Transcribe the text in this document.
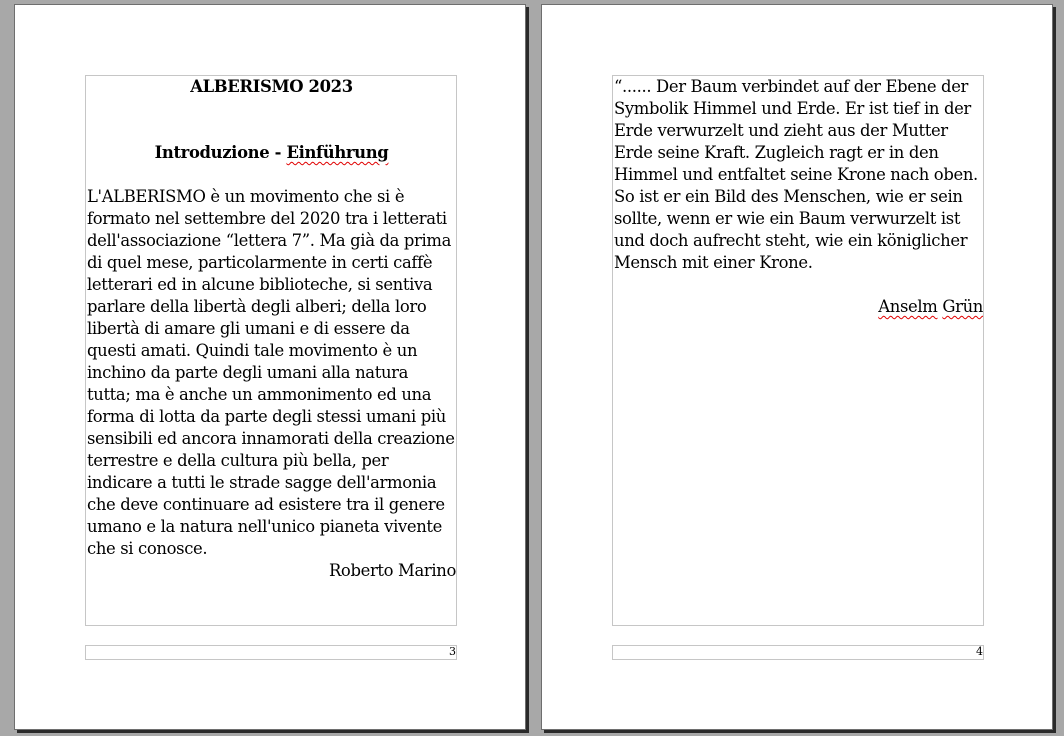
ALBERISMO 2023

Introduzione - Einführung

L'ALBERISMO è un movimento che si è formato nel settembre del 2020 tra i letterati dell'associazione “lettera 7”. Ma già da prima di quel mese, particolarmente in certi caffè letterari ed in alcune biblioteche, si sentiva parlare della libertà degli alberi; della loro libertà di amare gli umani e di essere da questi amati. Quindi tale movimento è un inchino da parte degli umani alla natura tutta; ma è anche un ammonimento ed una forma di lotta da parte degli stessi umani più sensibili ed ancora innamorati della creazione terrestre e della cultura più bella, per indicare a tutti le strade sagge dell'armonia che deve continuare ad esistere tra il genere umano e la natura nell'unico pianeta vivente che si conosce.

Roberto Marino

3

“...... Der Baum verbindet auf der Ebene der Symbolik Himmel und Erde. Er ist tief in der Erde verwurzelt und zieht aus der Mutter Erde seine Kraft. Zugleich ragt er in den Himmel und entfaltet seine Krone nach oben. So ist er ein Bild des Menschen, wie er sein sollte, wenn er wie ein Baum verwurzelt ist und doch aufrecht steht, wie ein königlicher Mensch mit einer Krone.

Anselm Grün

4
